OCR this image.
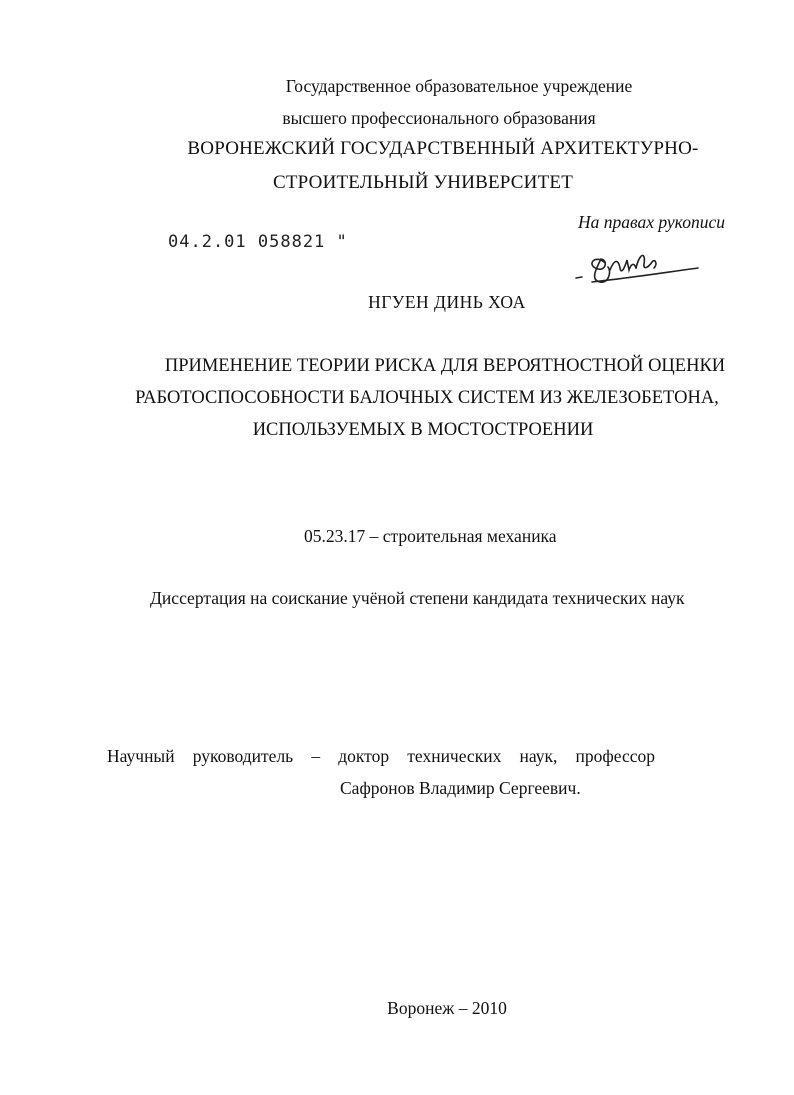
Государственное образовательное учреждение
высшего профессионального образования
ВОРОНЕЖСКИЙ ГОСУДАРСТВЕННЫЙ АРХИТЕКТУРНО-
СТРОИТЕЛЬНЫЙ УНИВЕРСИТЕТ
04.2.01 058821 "
На правах рукописи
НГУЕН ДИНЬ ХОА
ПРИМЕНЕНИЕ ТЕОРИИ РИСКА ДЛЯ ВЕРОЯТНОСТНОЙ ОЦЕНКИ
РАБОТОСПОСОБНОСТИ БАЛОЧНЫХ СИСТЕМ ИЗ ЖЕЛЕЗОБЕТОНА,
ИСПОЛЬЗУЕМЫХ В МОСТОСТРОЕНИИ
05.23.17 – строительная механика
Диссертация на соискание учёной степени кандидата технических наук
Научный руководитель – доктор технических наук, профессор
Сафронов Владимир Сергеевич.
Воронеж – 2010
